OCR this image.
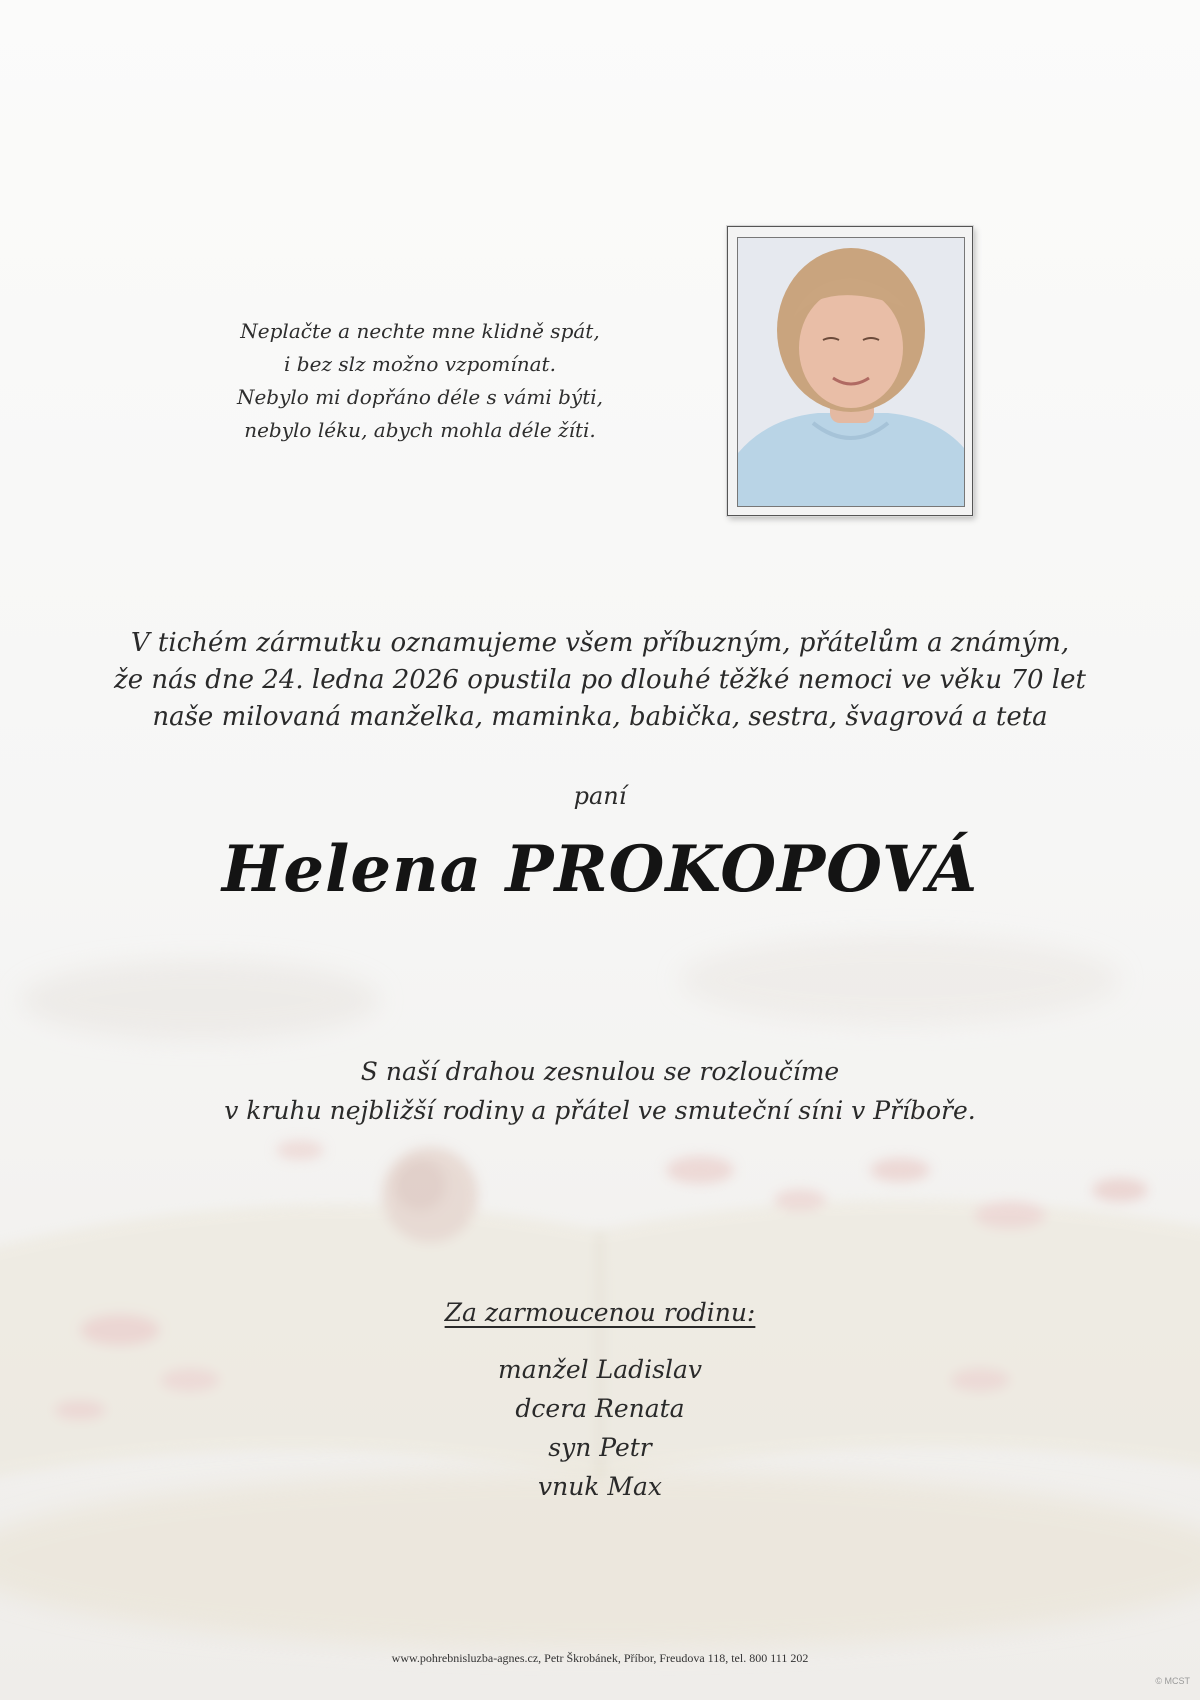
Neplačte a nechte mne klidně spát,
i bez slz možno vzpomínat.
Nebylo mi dopřáno déle s vámi býti,
nebylo léku, abych mohla déle žíti.
V tichém zármutku oznamujeme všem příbuzným, přátelům a známým,
že nás dne 24. ledna 2026 opustila po dlouhé těžké nemoci ve věku 70 let
naše milovaná manželka, maminka, babička, sestra, švagrová a teta
paní
Helena PROKOPOVÁ
S naší drahou zesnulou se rozloučíme
v kruhu nejbližší rodiny a přátel ve smuteční síni v Příboře.
Za zarmoucenou rodinu:
manžel Ladislav
dcera Renata
syn Petr
vnuk Max
www.pohrebnisluzba-agnes.cz, Petr Škrobánek, Příbor, Freudova 118, tel. 800 111 202
© MCST
